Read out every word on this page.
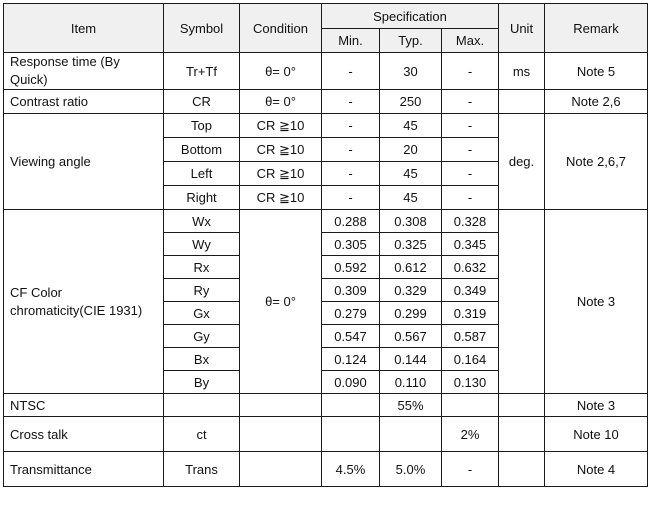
Item	Symbol	Condition	Specification			Unit	Remark
			Min.	Typ.	Max.		
Response time (By Quick)	Tr+Tf	θ= 0°	-	30	-	ms	Note 5
Contrast ratio	CR	θ= 0°	-	250	-		Note 2,6
Viewing angle	Top	CR ≧10	-	45	-	deg.	Note 2,6,7
	Bottom	CR ≧10	-	20	-		
	Left	CR ≧10	-	45	-		
	Right	CR ≧10	-	45	-		
CF Color chromaticity(CIE 1931)	Wx	θ= 0°	0.288	0.308	0.328		Note 3
	Wy		0.305	0.325	0.345		
	Rx		0.592	0.612	0.632		
	Ry		0.309	0.329	0.349		
	Gx		0.279	0.299	0.319		
	Gy		0.547	0.567	0.587		
	Bx		0.124	0.144	0.164		
	By		0.090	0.110	0.130		
NTSC				55%			Note 3
Cross talk	ct				2%		Note 10
Transmittance	Trans		4.5%	5.0%	-		Note 4
